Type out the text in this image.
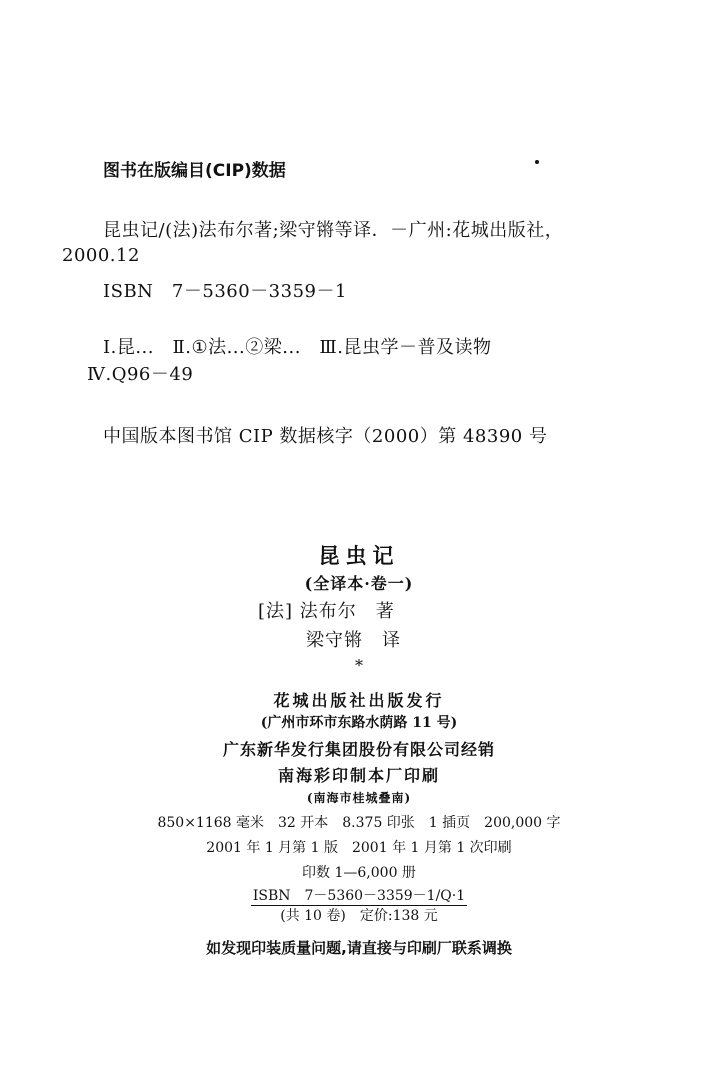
图书在版编目(CIP)数据
昆虫记/(法)法布尔著;梁守锵等译．－广州:花城出版社，
2000.12
ISBN　7－5360－3359－1
Ⅰ.昆...　Ⅱ.①法...②梁...　Ⅲ.昆虫学－普及读物
Ⅳ.Q96－49
中国版本图书馆 CIP 数据核字（2000）第 48390 号
昆虫记
(全译本·卷一)
[法] 法布尔　著
梁守锵　译
*
花城出版社出版发行
(广州市环市东路水荫路 11 号)
广东新华发行集团股份有限公司经销
南海彩印制本厂印刷
(南海市桂城叠南)
850×1168 毫米　32 开本　8.375 印张　1 插页　200,000 字
2001 年 1 月第 1 版　2001 年 1 月第 1 次印刷
印数 1—6,000 册
ISBN　7－5360－3359－1/Q·1
(共 10 卷)　定价:138 元
如发现印装质量问题,请直接与印刷厂联系调换
